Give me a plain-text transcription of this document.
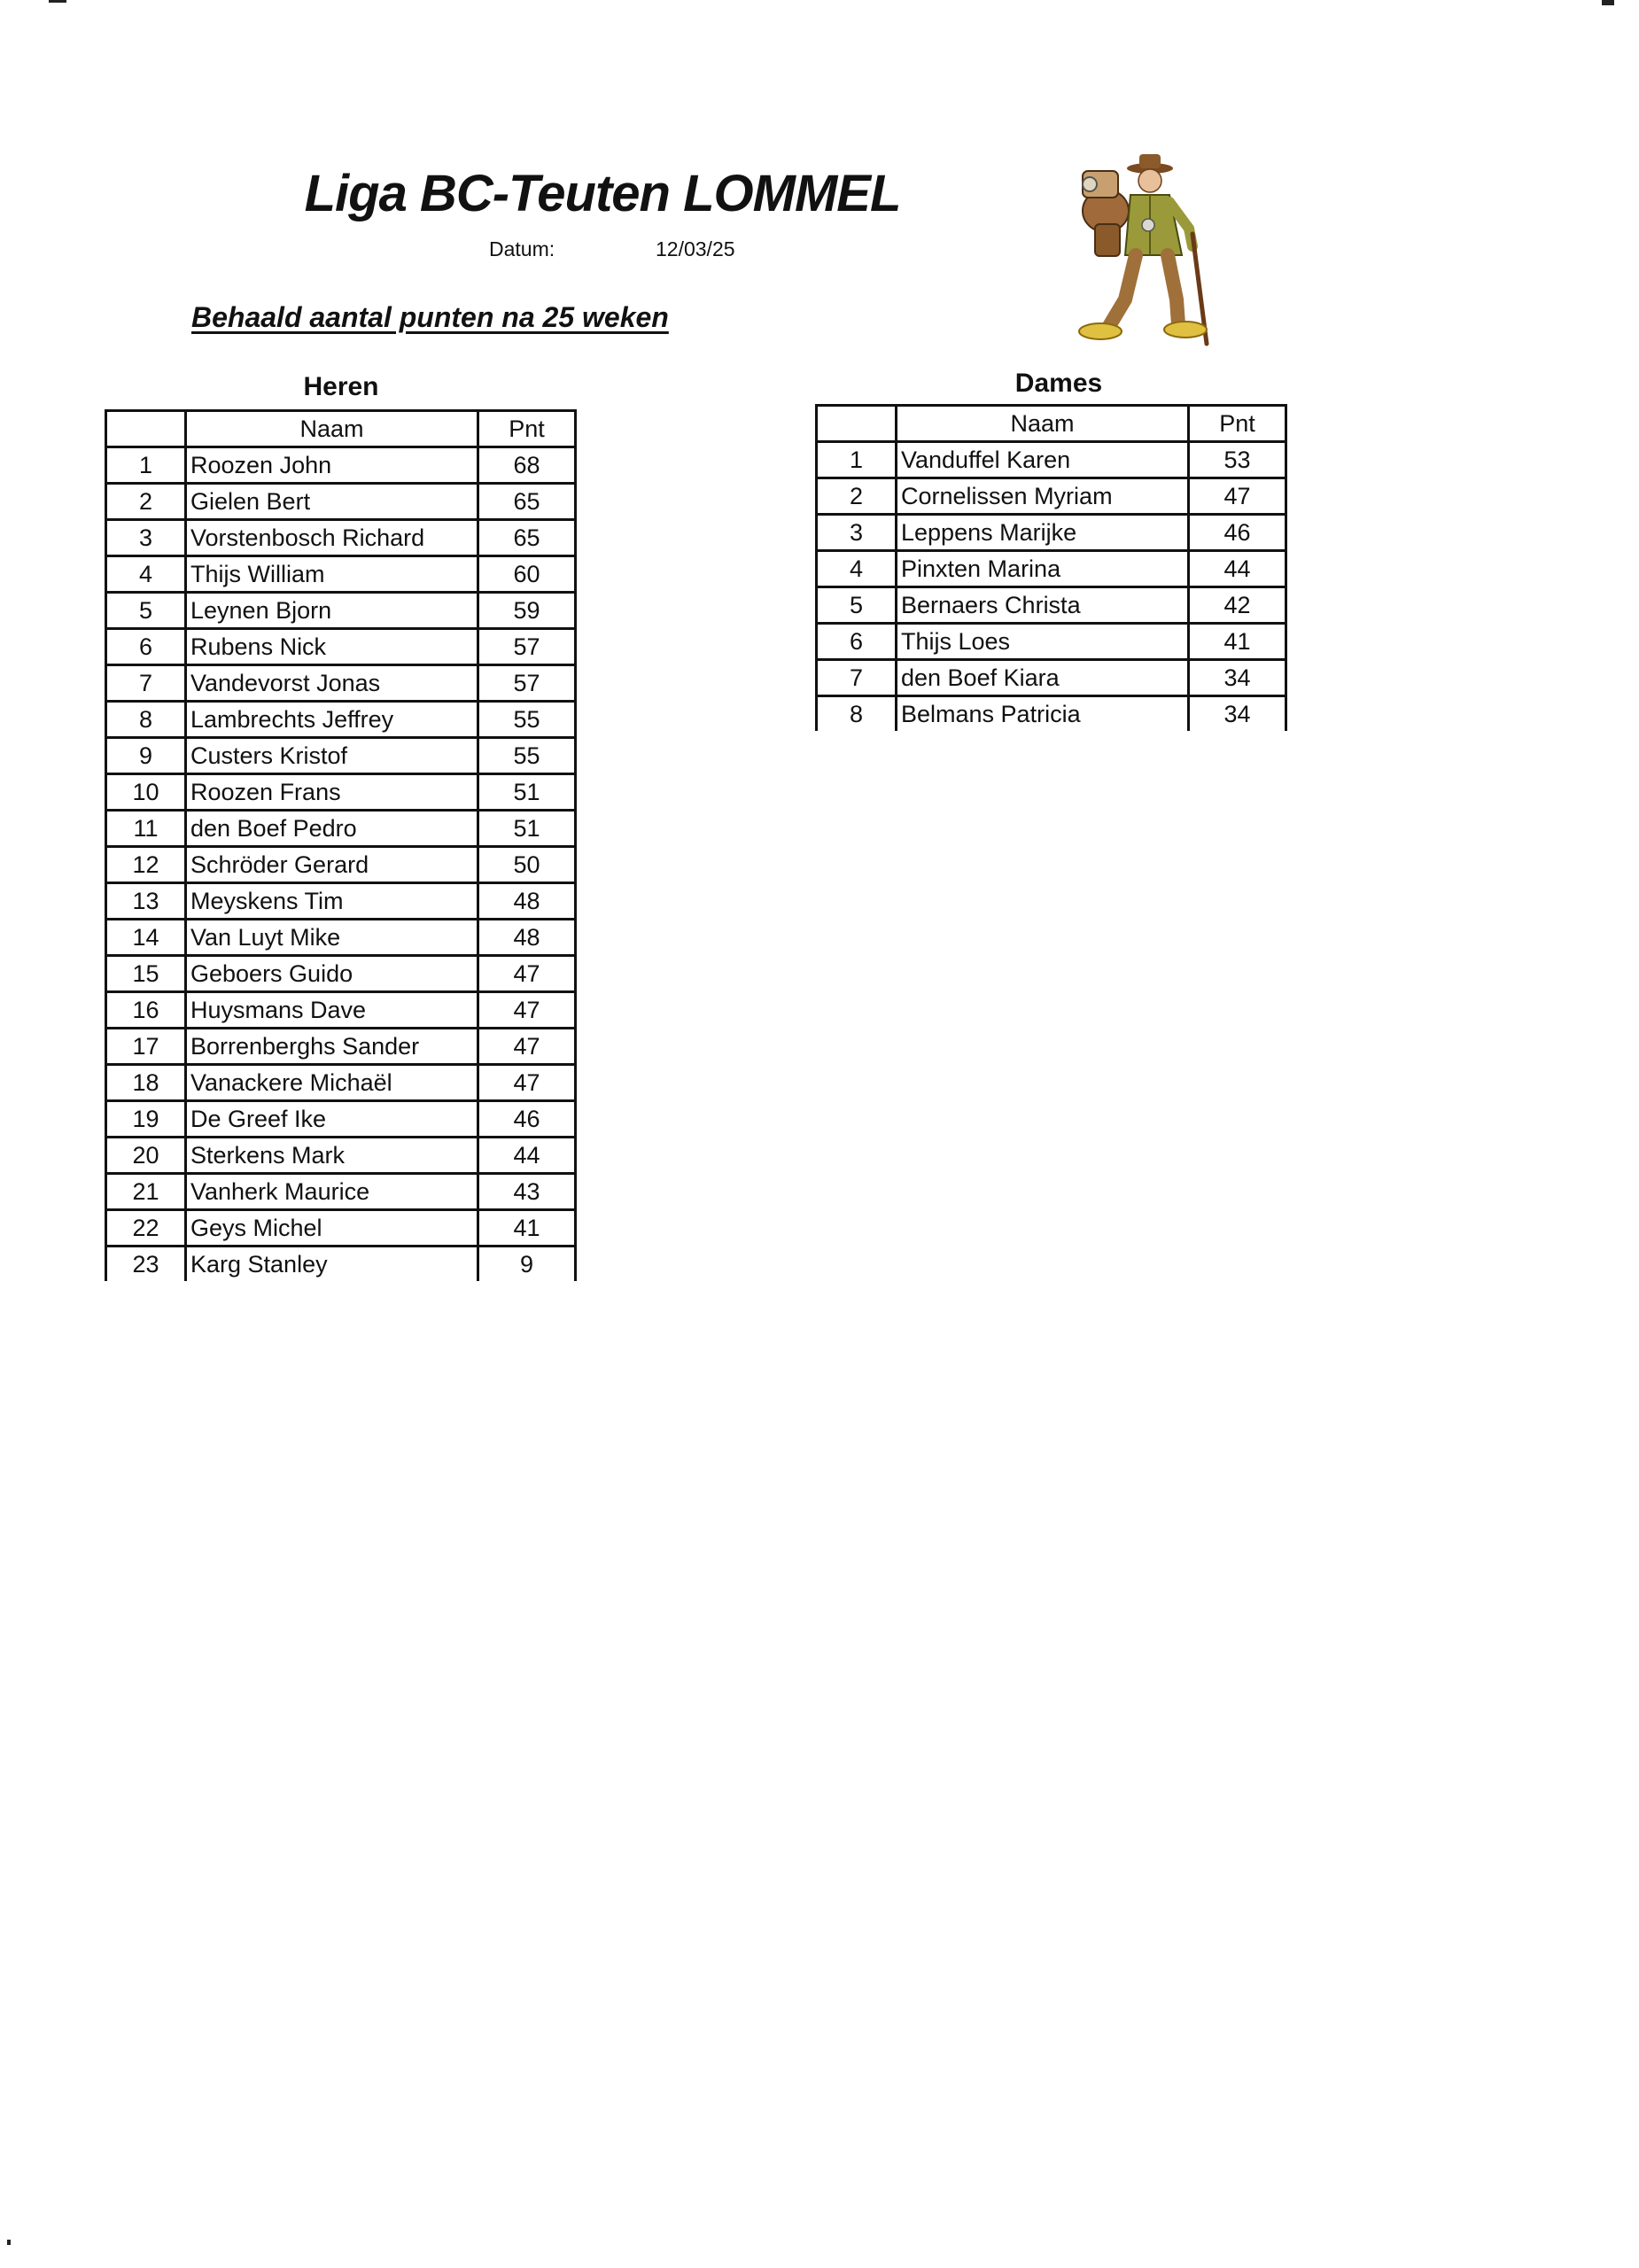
Liga BC-Teuten LOMMEL
Datum:	12/03/25
Behaald aantal punten na 25 weken
Heren
	Naam	Pnt
1	Roozen John	68
2	Gielen Bert	65
3	Vorstenbosch Richard	65
4	Thijs William	60
5	Leynen Bjorn	59
6	Rubens Nick	57
7	Vandevorst Jonas	57
8	Lambrechts Jeffrey	55
9	Custers Kristof	55
10	Roozen Frans	51
11	den Boef Pedro	51
12	Schröder Gerard	50
13	Meyskens Tim	48
14	Van Luyt Mike	48
15	Geboers Guido	47
16	Huysmans Dave	47
17	Borrenberghs Sander	47
18	Vanackere Michaël	47
19	De Greef Ike	46
20	Sterkens Mark	44
21	Vanherk Maurice	43
22	Geys Michel	41
23	Karg Stanley	9
Dames
	Naam	Pnt
1	Vanduffel Karen	53
2	Cornelissen Myriam	47
3	Leppens Marijke	46
4	Pinxten Marina	44
5	Bernaers Christa	42
6	Thijs Loes	41
7	den Boef Kiara	34
8	Belmans Patricia	34
